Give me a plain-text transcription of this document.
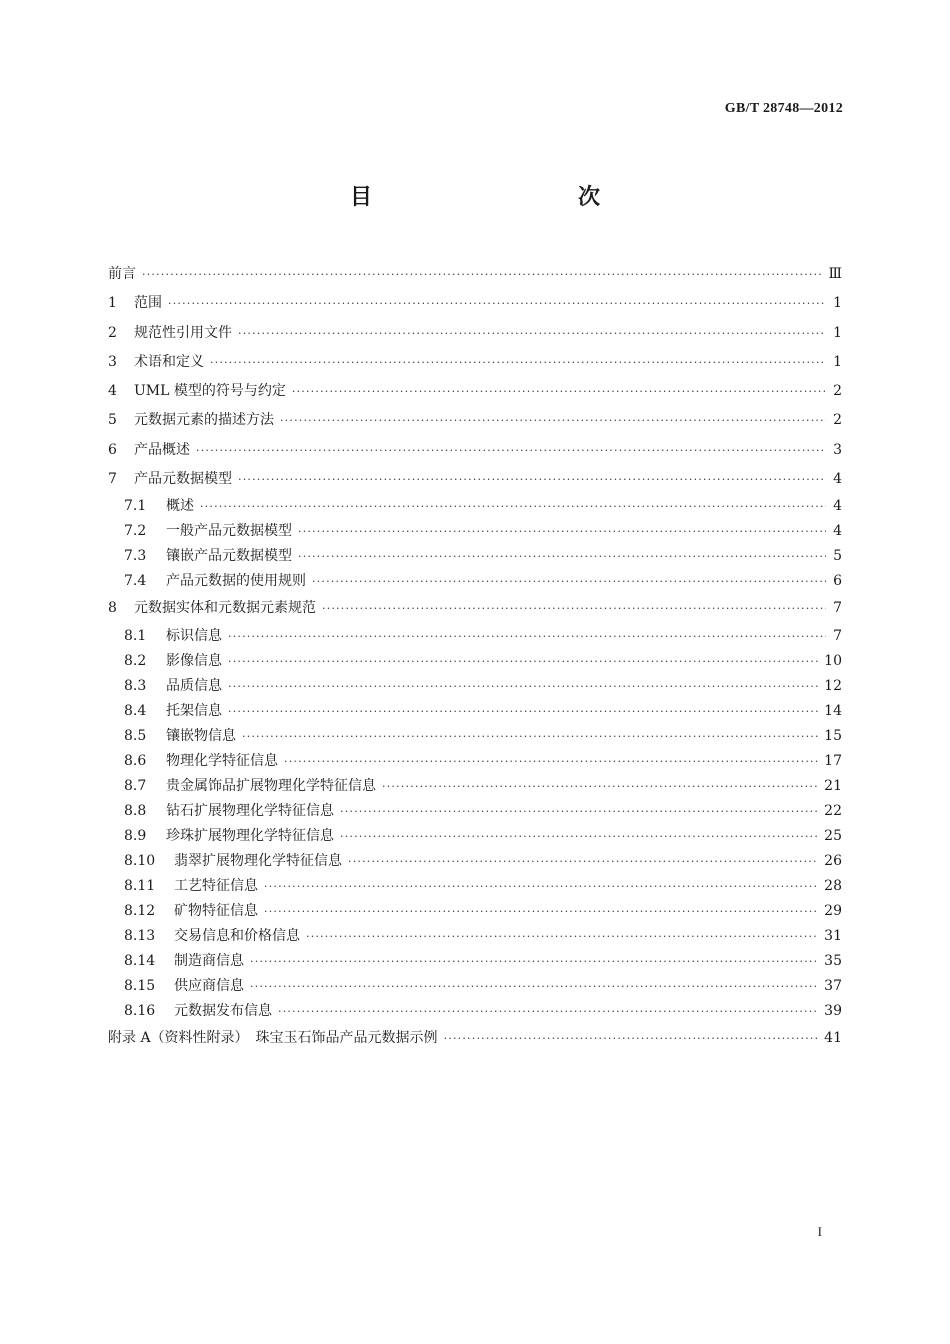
GB/T 28748—2012
目　　次
前言 ·····	Ⅲ
1	范围 ·····	1
2	规范性引用文件 ·····	1
3	术语和定义 ·····	1
4	UML 模型的符号与约定 ·····	2
5	元数据元素的描述方法 ·····	2
6	产品概述 ·····	3
7	产品元数据模型 ·····	4
7.1	概述 ·····	4
7.2	一般产品元数据模型 ·····	4
7.3	镶嵌产品元数据模型 ·····	5
7.4	产品元数据的使用规则 ·····	6
8	元数据实体和元数据元素规范 ·····	7
8.1	标识信息 ·····	7
8.2	影像信息 ·····	10
8.3	品质信息 ·····	12
8.4	托架信息 ·····	14
8.5	镶嵌物信息 ·····	15
8.6	物理化学特征信息 ·····	17
8.7	贵金属饰品扩展物理化学特征信息 ·····	21
8.8	钻石扩展物理化学特征信息 ·····	22
8.9	珍珠扩展物理化学特征信息 ·····	25
8.10	翡翠扩展物理化学特征信息 ·····	26
8.11	工艺特征信息 ·····	28
8.12	矿物特征信息 ·····	29
8.13	交易信息和价格信息 ·····	31
8.14	制造商信息 ·····	35
8.15	供应商信息 ·····	37
8.16	元数据发布信息 ·····	39
附录 A（资料性附录）　珠宝玉石饰品产品元数据示例 ·····	41
I
